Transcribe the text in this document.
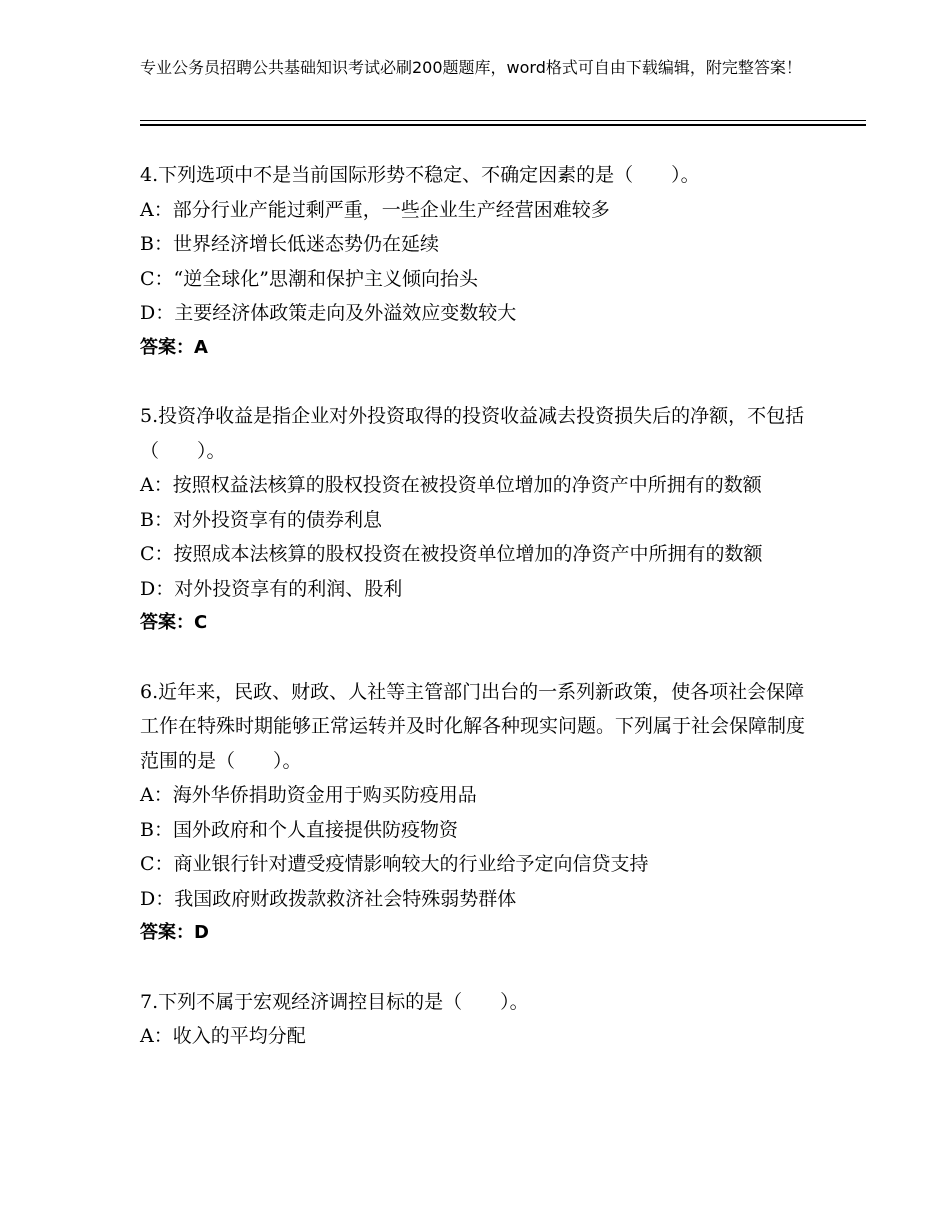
专业公务员招聘公共基础知识考试必刷200题题库，word格式可自由下载编辑，附完整答案！

4.下列选项中不是当前国际形势不稳定、不确定因素的是（　　）。

A：部分行业产能过剩严重，一些企业生产经营困难较多

B：世界经济增长低迷态势仍在延续

C：“逆全球化”思潮和保护主义倾向抬头

D：主要经济体政策走向及外溢效应变数较大

答案：A

5.投资净收益是指企业对外投资取得的投资收益减去投资损失后的净额，不包括（　　）。

A：按照权益法核算的股权投资在被投资单位增加的净资产中所拥有的数额

B：对外投资享有的债券利息

C：按照成本法核算的股权投资在被投资单位增加的净资产中所拥有的数额

D：对外投资享有的利润、股利

答案：C

6.近年来，民政、财政、人社等主管部门出台的一系列新政策，使各项社会保障工作在特殊时期能够正常运转并及时化解各种现实问题。下列属于社会保障制度范围的是（　　）。

A：海外华侨捐助资金用于购买防疫用品

B：国外政府和个人直接提供防疫物资

C：商业银行针对遭受疫情影响较大的行业给予定向信贷支持

D：我国政府财政拨款救济社会特殊弱势群体

答案：D

7.下列不属于宏观经济调控目标的是（　　）。

A：收入的平均分配
